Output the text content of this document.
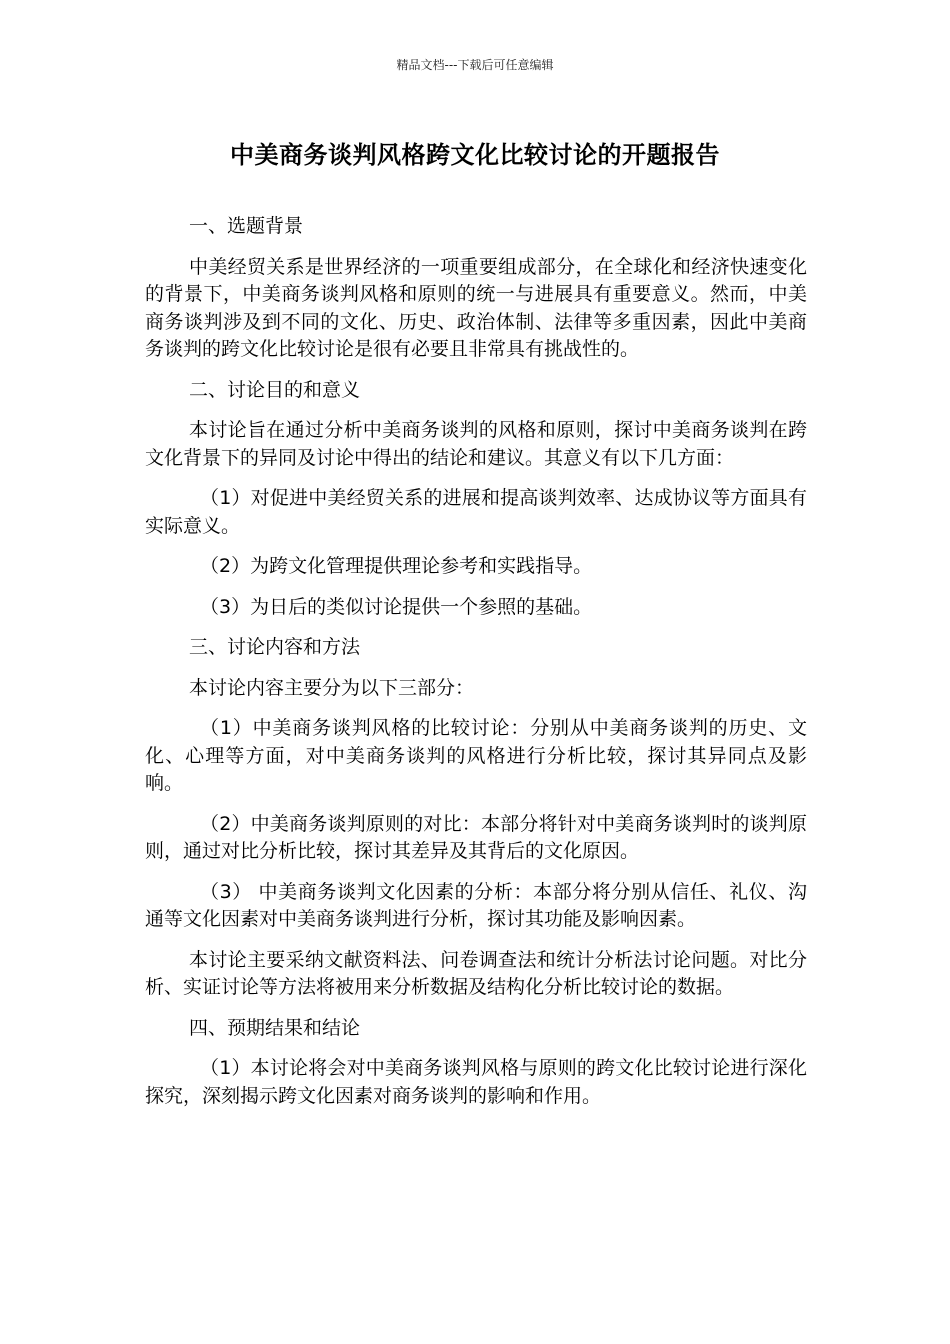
精品文档---下载后可任意编辑
中美商务谈判风格跨文化比较讨论的开题报告

一、选题背景

中美经贸关系是世界经济的一项重要组成部分，在全球化和经济快速变化的背景下，中美商务谈判风格和原则的统一与进展具有重要意义。然而，中美商务谈判涉及到不同的文化、历史、政治体制、法律等多重因素，因此中美商务谈判的跨文化比较讨论是很有必要且非常具有挑战性的。

二、讨论目的和意义

本讨论旨在通过分析中美商务谈判的风格和原则，探讨中美商务谈判在跨文化背景下的异同及讨论中得出的结论和建议。其意义有以下几方面：

（1）对促进中美经贸关系的进展和提高谈判效率、达成协议等方面具有实际意义。

（2）为跨文化管理提供理论参考和实践指导。

（3）为日后的类似讨论提供一个参照的基础。

三、讨论内容和方法

本讨论内容主要分为以下三部分：

（1）中美商务谈判风格的比较讨论：分别从中美商务谈判的历史、文化、心理等方面，对中美商务谈判的风格进行分析比较，探讨其异同点及影响。

（2）中美商务谈判原则的对比：本部分将针对中美商务谈判时的谈判原则，通过对比分析比较，探讨其差异及其背后的文化原因。

（3） 中美商务谈判文化因素的分析：本部分将分别从信任、礼仪、沟通等文化因素对中美商务谈判进行分析，探讨其功能及影响因素。

本讨论主要采纳文献资料法、问卷调查法和统计分析法讨论问题。对比分析、实证讨论等方法将被用来分析数据及结构化分析比较讨论的数据。

四、预期结果和结论

（1）本讨论将会对中美商务谈判风格与原则的跨文化比较讨论进行深化探究，深刻揭示跨文化因素对商务谈判的影响和作用。
